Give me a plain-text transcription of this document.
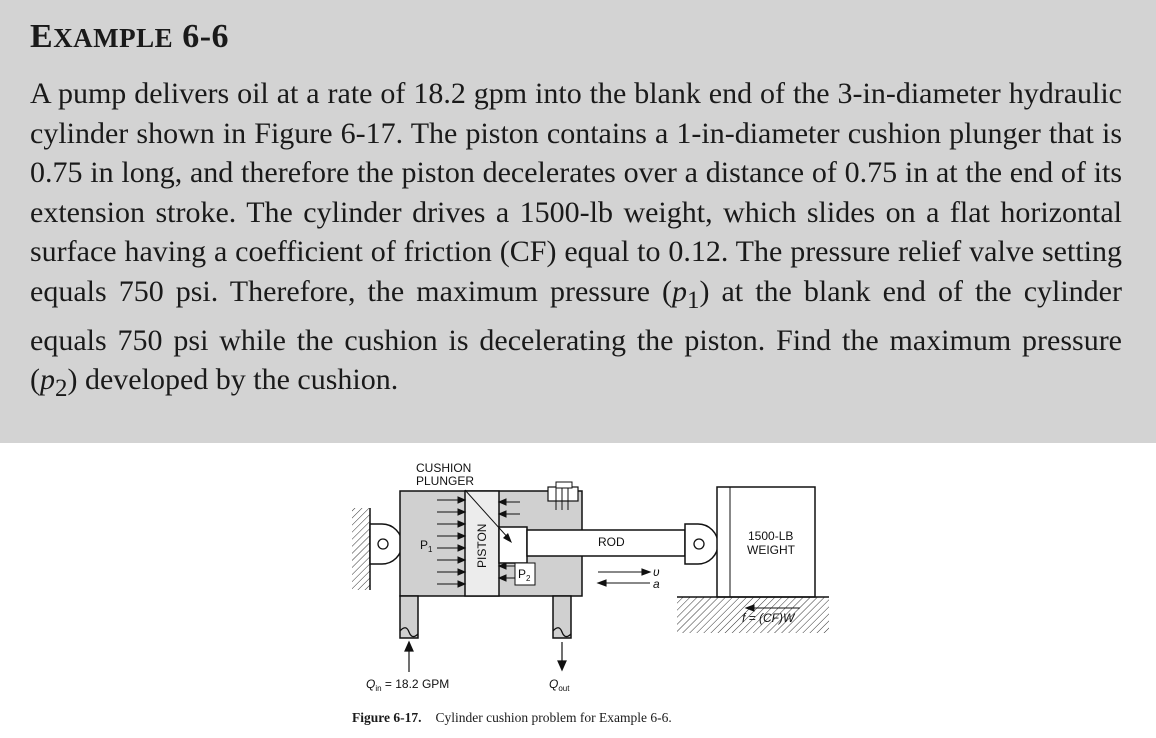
EXAMPLE 6-6
A pump delivers oil at a rate of 18.2 gpm into the blank end of the 3-in-diameter hydraulic cylinder shown in Figure 6-17. The piston contains a 1-in-diameter cushion plunger that is 0.75 in long, and therefore the piston decelerates over a distance of 0.75 in at the end of its extension stroke. The cylinder drives a 1500-lb weight, which slides on a flat horizontal surface having a coefficient of friction (CF) equal to 0.12. The pressure relief valve setting equals 750 psi. Therefore, the maximum pressure $(p_1)$ at the blank end of the cylinder equals 750 psi while the cushion is decelerating the piston. Find the maximum pressure $(p_2)$ developed by the cushion.
CUSHION
PLUNGER
$P_1$	PISTON
$P_2$
ROD
υ
a
1500-LB
WEIGHT
f = (CF)W
$Q_{in} = 18.2$ GPM	$Q_{out}$
Figure 6-17. Cylinder cushion problem for Example 6-6.
